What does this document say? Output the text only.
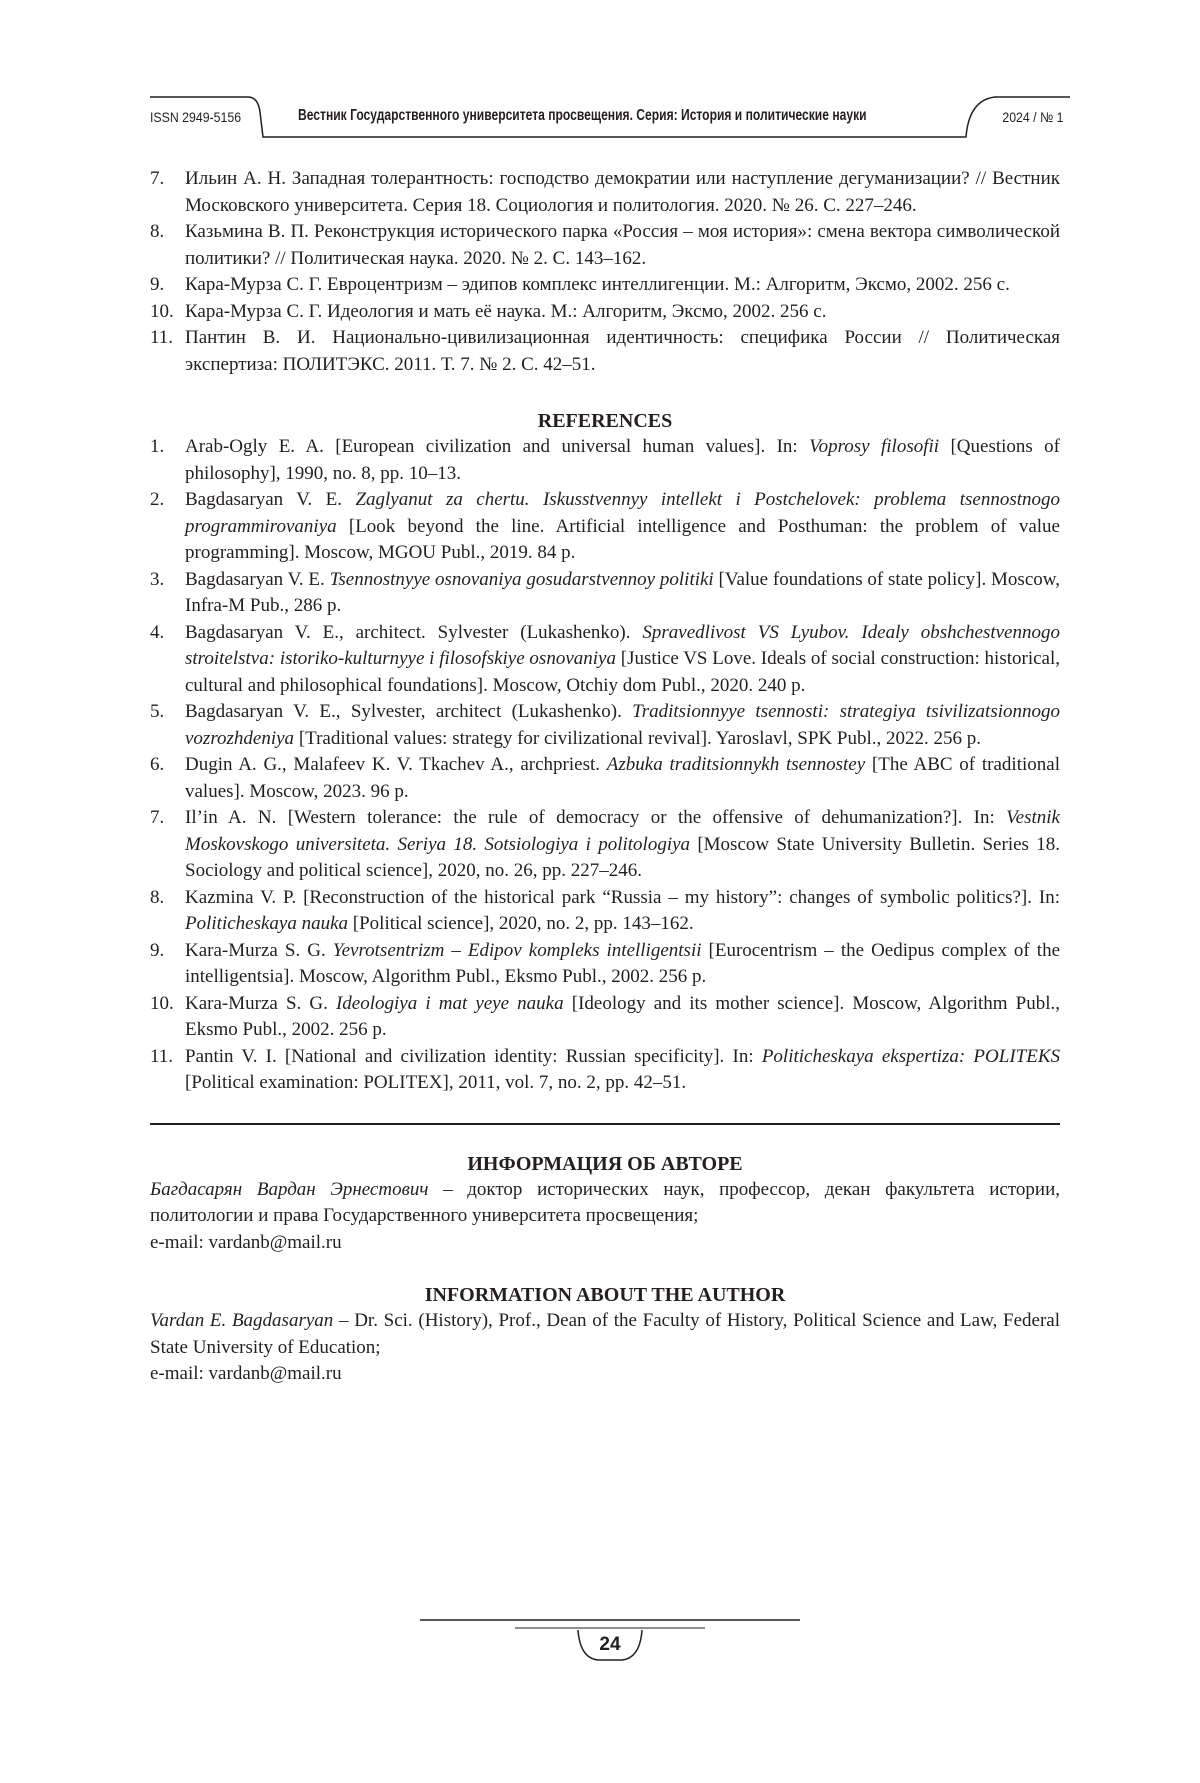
ISSN 2949-5156	Вестник Государственного университета просвещения. Серия: История и политические науки	2024 / № 1
7. Ильин А. Н. Западная толерантность: господство демократии или наступление дегуманизации? // Вестник Московского университета. Серия 18. Социология и политология. 2020. № 26. С. 227–246.
8. Казьмина В. П. Реконструкция исторического парка «Россия – моя история»: смена вектора символической политики? // Политическая наука. 2020. № 2. С. 143–162.
9. Кара-Мурза С. Г. Евроцентризм – эдипов комплекс интеллигенции. М.: Алгоритм, Эксмо, 2002. 256 с.
10. Кара-Мурза С. Г. Идеология и мать её наука. М.: Алгоритм, Эксмо, 2002. 256 с.
11. Пантин В. И. Национально-цивилизационная идентичность: специфика России // Политическая экспертиза: ПОЛИТЭКС. 2011. Т. 7. № 2. С. 42–51.
REFERENCES
1. Arab-Ogly E. A. [European civilization and universal human values]. In: Voprosy filosofii [Questions of philosophy], 1990, no. 8, pp. 10–13.
2. Bagdasaryan V. E. Zaglyanut za chertu. Iskusstvennyy intellekt i Postchelovek: problema tsennostnogo programmirovaniya [Look beyond the line. Artificial intelligence and Posthuman: the problem of value programming]. Moscow, MGOU Publ., 2019. 84 p.
3. Bagdasaryan V. E. Tsennostnyye osnovaniya gosudarstvennoy politiki [Value foundations of state policy]. Moscow, Infra-M Pub., 286 p.
4. Bagdasaryan V. E., architect. Sylvester (Lukashenko). Spravedlivost VS Lyubov. Idealy obshchestvennogo stroitelstva: istoriko-kulturnyye i filosofskiye osnovaniya [Justice VS Love. Ideals of social construction: historical, cultural and philosophical foundations]. Moscow, Otchiy dom Publ., 2020. 240 p.
5. Bagdasaryan V. E., Sylvester, architect (Lukashenko). Traditsionnyye tsennosti: strategiya tsivilizatsionnogo vozrozhdeniya [Traditional values: strategy for civilizational revival]. Yaroslavl, SPK Publ., 2022. 256 p.
6. Dugin A. G., Malafeev K. V. Tkachev A., archpriest. Azbuka traditsionnykh tsennostey [The ABC of traditional values]. Moscow, 2023. 96 p.
7. Il’in A. N. [Western tolerance: the rule of democracy or the offensive of dehumanization?]. In: Vestnik Moskovskogo universiteta. Seriya 18. Sotsiologiya i politologiya [Moscow State University Bulletin. Series 18. Sociology and political science], 2020, no. 26, pp. 227–246.
8. Kazmina V. P. [Reconstruction of the historical park “Russia – my history”: changes of symbolic politics?]. In: Politicheskaya nauka [Political science], 2020, no. 2, pp. 143–162.
9. Kara-Murza S. G. Yevrotsentrizm – Edipov kompleks intelligentsii [Eurocentrism – the Oedipus complex of the intelligentsia]. Moscow, Algorithm Publ., Eksmo Publ., 2002. 256 p.
10. Kara-Murza S. G. Ideologiya i mat yeye nauka [Ideology and its mother science]. Moscow, Algorithm Publ., Eksmo Publ., 2002. 256 p.
11. Pantin V. I. [National and civilization identity: Russian specificity]. In: Politicheskaya ekspertiza: POLITEKS [Political examination: POLITEX], 2011, vol. 7, no. 2, pp. 42–51.
ИНФОРМАЦИЯ ОБ АВТОРЕ

Багдасарян Вардан Эрнестович – доктор исторических наук, профессор, декан факультета истории, политологии и права Государственного университета просвещения;

e-mail: vardanb@mail.ru

INFORMATION ABOUT THE AUTHOR

Vardan E. Bagdasaryan – Dr. Sci. (History), Prof., Dean of the Faculty of History, Political Science and Law, Federal State University of Education;

e-mail: vardanb@mail.ru

24
